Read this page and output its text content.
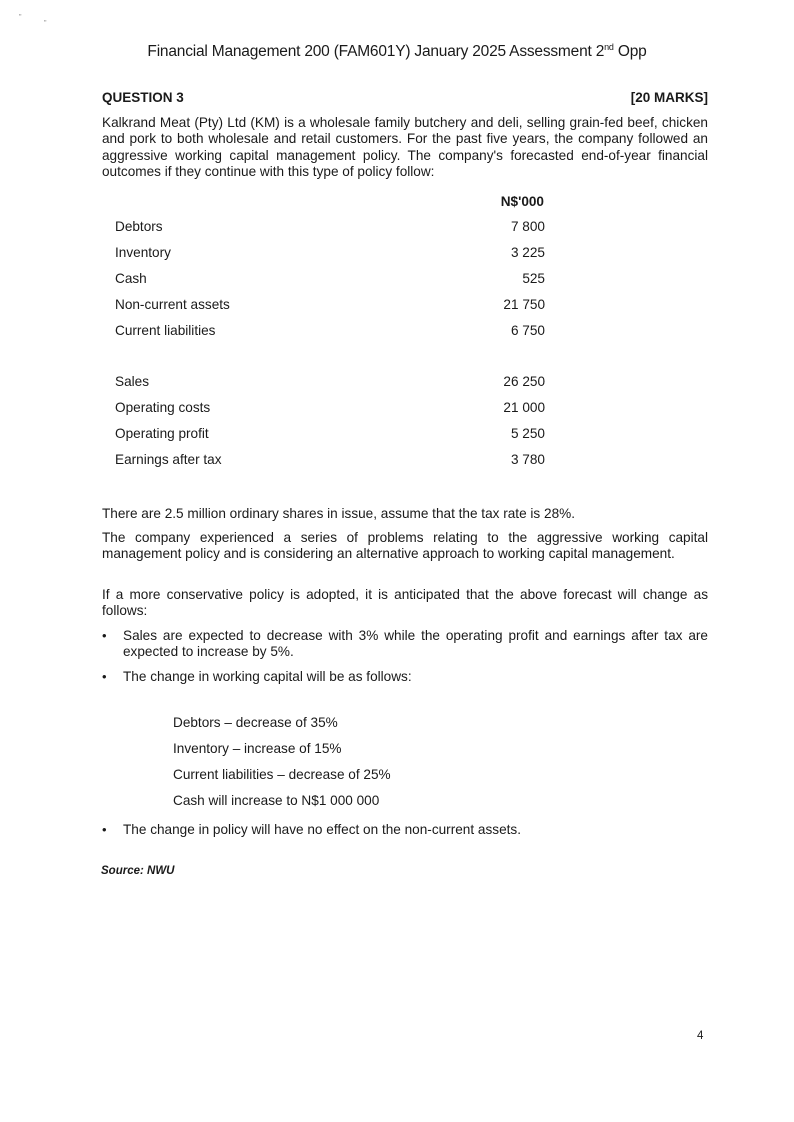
"
"
Financial Management 200 (FAM601Y) January 2025 Assessment 2nd Opp
QUESTION 3	[20 MARKS]

Kalkrand Meat (Pty) Ltd (KM) is a wholesale family butchery and deli, selling grain-fed beef, chicken and pork to both wholesale and retail customers. For the past five years, the company followed an aggressive working capital management policy. The company's forecasted end-of-year financial outcomes if they continue with this type of policy follow:

N$'000
Debtors	7 800
Inventory	3 225
Cash	525
Non-current assets	21 750
Current liabilities	6 750
Sales	26 250
Operating costs	21 000
Operating profit	5 250
Earnings after tax	3 780

There are 2.5 million ordinary shares in issue, assume that the tax rate is 28%.

The company experienced a series of problems relating to the aggressive working capital management policy and is considering an alternative approach to working capital management.

If a more conservative policy is adopted, it is anticipated that the above forecast will change as follows:

•	Sales are expected to decrease with 3% while the operating profit and earnings after tax are expected to increase by 5%.
•	The change in working capital will be as follows:
Debtors – decrease of 35%
Inventory – increase of 15%
Current liabilities – decrease of 25%
Cash will increase to N$1 000 000
•	The change in policy will have no effect on the non-current assets.
Source: NWU
4
